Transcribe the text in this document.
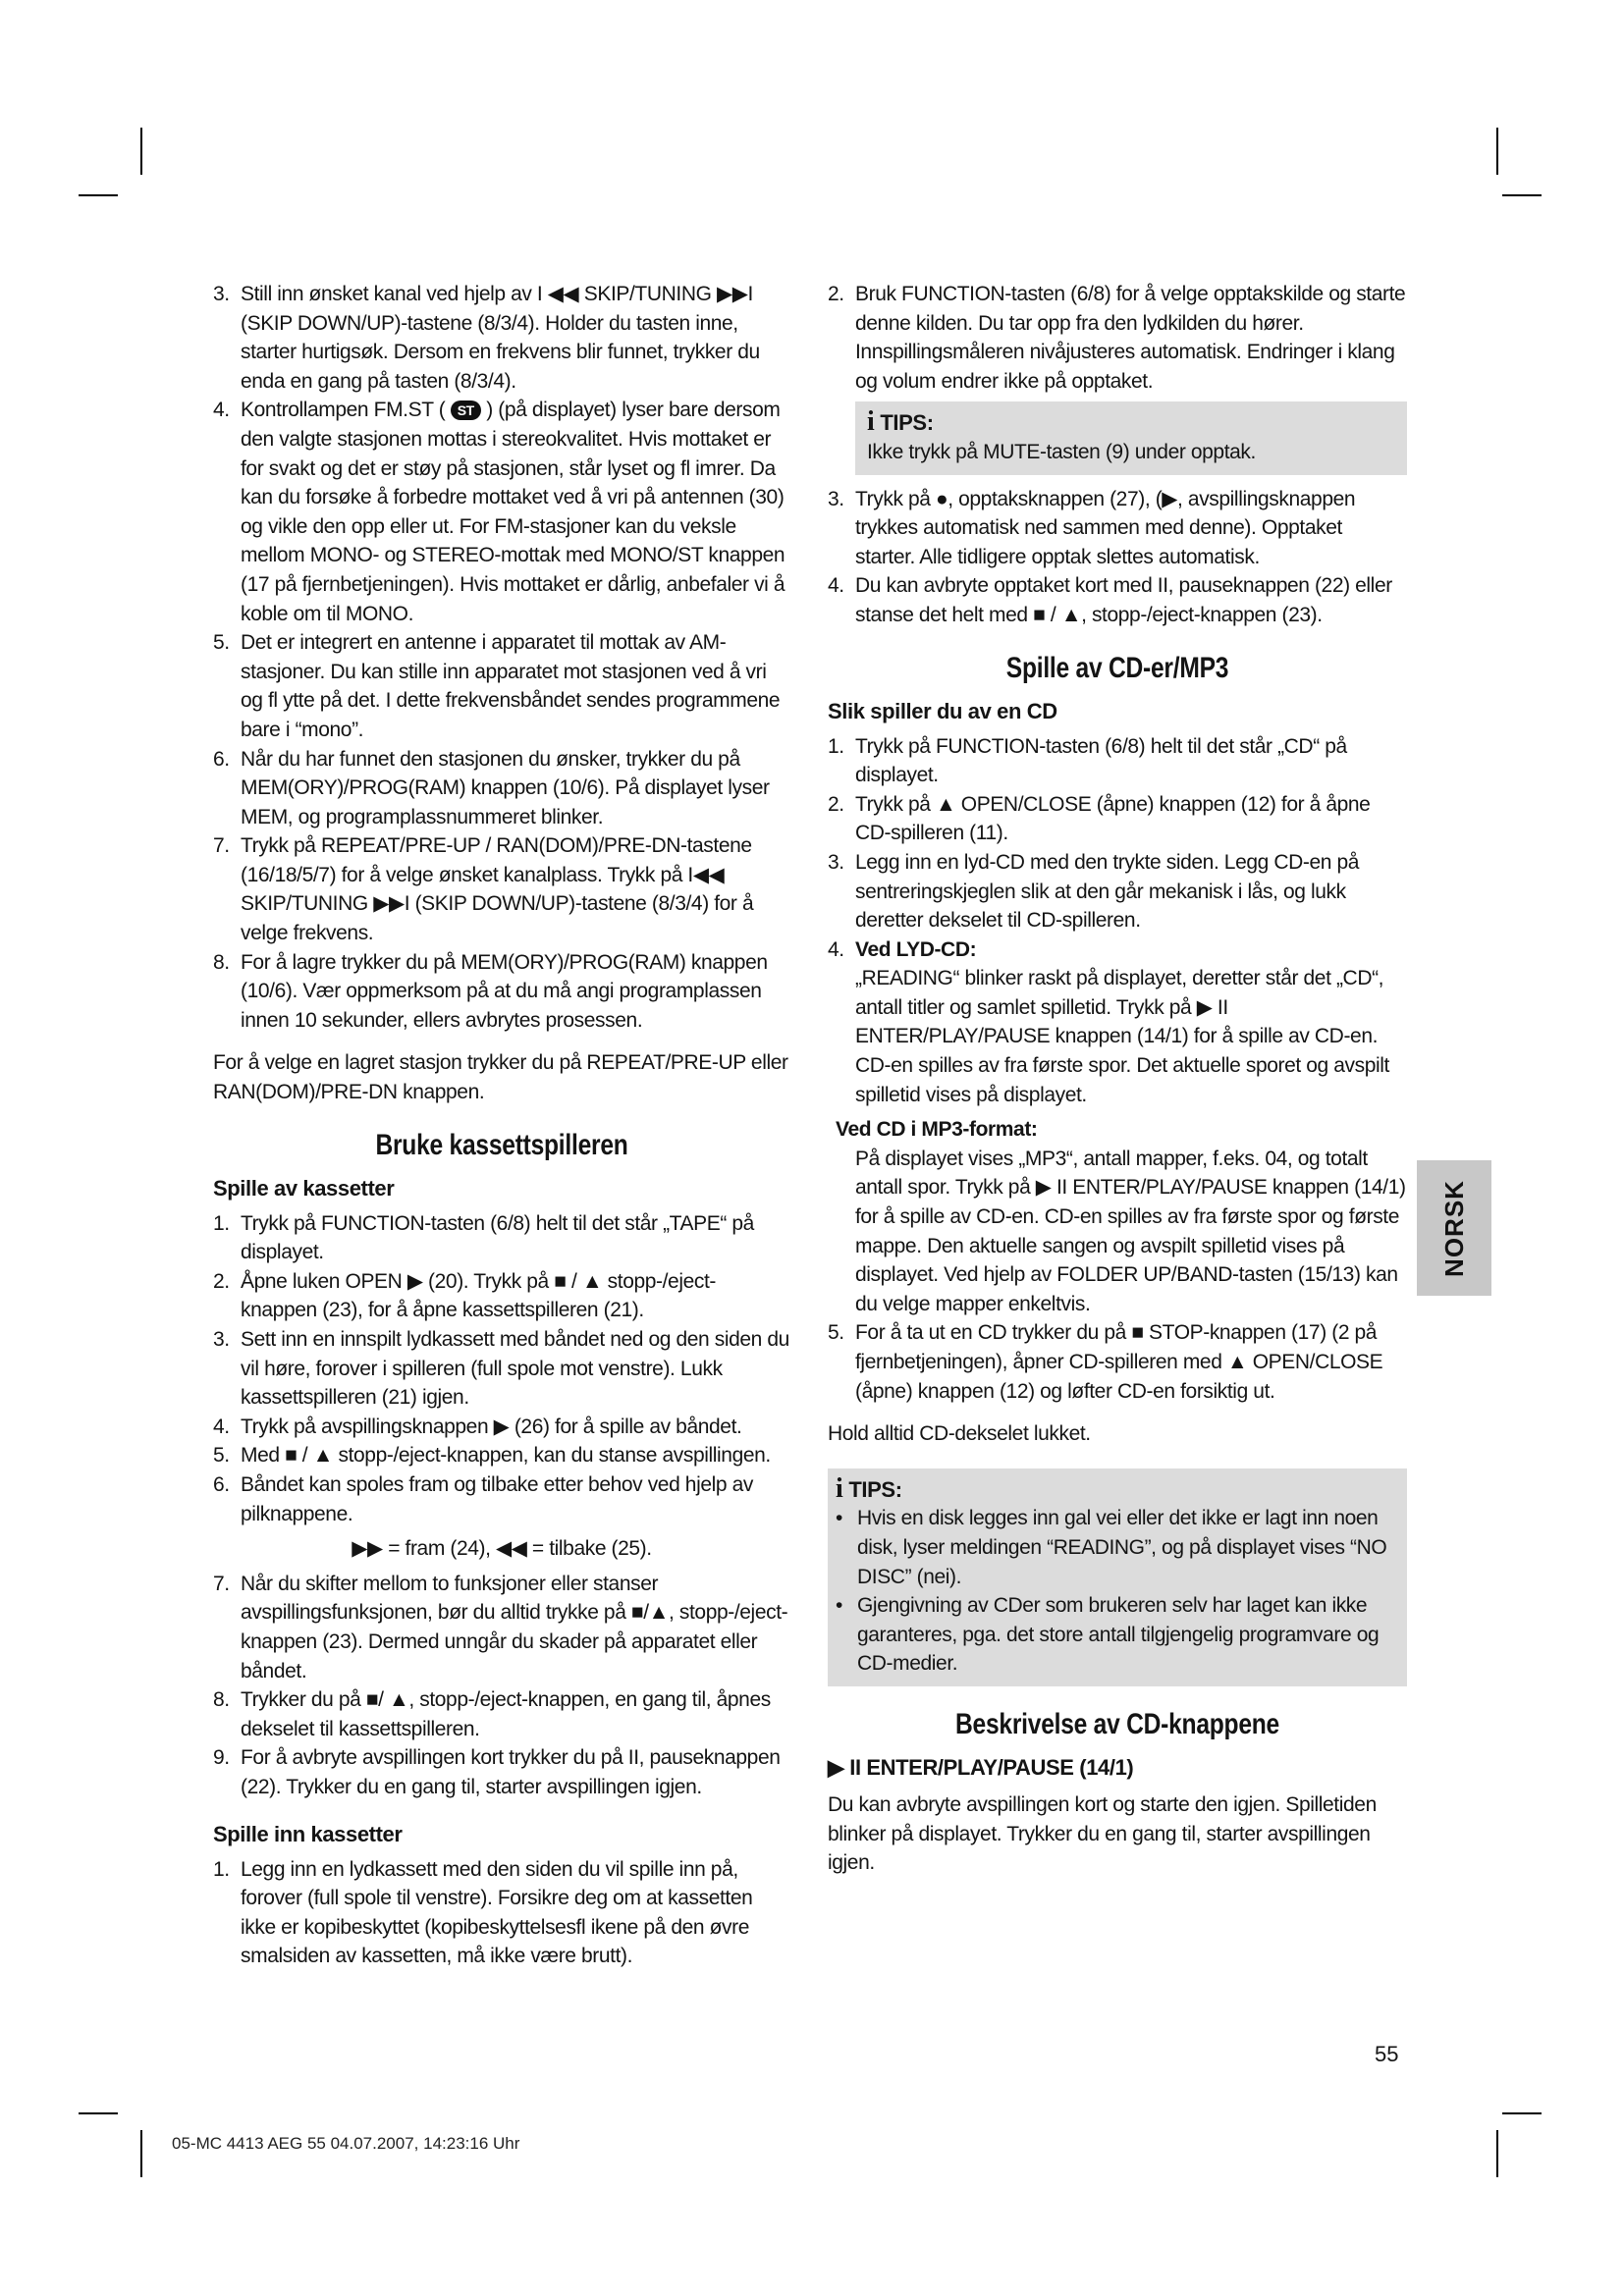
3. Still inn ønsket kanal ved hjelp av I ◀◀ SKIP/TUNING ▶▶I (SKIP DOWN/UP)-tastene (8/3/4). Holder du tasten inne, starter hurtigsøk. Dersom en frekvens blir funnet, trykker du enda en gang på tasten (8/3/4).
4. Kontrollampen FM.ST ( ST ) (på displayet) lyser bare dersom den valgte stasjonen mottas i stereokvalitet. Hvis mottaket er for svakt og det er støy på stasjonen, står lyset og fl imrer. Da kan du forsøke å forbedre mottaket ved å vri på antennen (30) og vikle den opp eller ut. For FM-stasjoner kan du veksle mellom MONO- og STEREO-mottak med MONO/ST knappen (17 på fjernbetjeningen). Hvis mottaket er dårlig, anbefaler vi å koble om til MONO.
5. Det er integrert en antenne i apparatet til mottak av AM-stasjoner. Du kan stille inn apparatet mot stasjonen ved å vri og fl ytte på det. I dette frekvensbåndet sendes programmene bare i “mono”.
6. Når du har funnet den stasjonen du ønsker, trykker du på MEM(ORY)/PROG(RAM) knappen (10/6). På displayet lyser MEM, og programplassnummeret blinker.
7. Trykk på REPEAT/PRE-UP / RAN(DOM)/PRE-DN-tastene (16/18/5/7) for å velge ønsket kanalplass. Trykk på I◀◀ SKIP/TUNING ▶▶I (SKIP DOWN/UP)-tastene (8/3/4) for å velge frekvens.
8. For å lagre trykker du på MEM(ORY)/PROG(RAM) knappen (10/6). Vær oppmerksom på at du må angi programplassen innen 10 sekunder, ellers avbrytes prosessen.

For å velge en lagret stasjon trykker du på REPEAT/PRE-UP eller RAN(DOM)/PRE-DN knappen.

Bruke kassettspilleren
Spille av kassetter
1. Trykk på FUNCTION-tasten (6/8) helt til det står „TAPE“ på displayet.
2. Åpne luken OPEN ▶ (20). Trykk på ■ / ▲ stopp-/eject-knappen (23), for å åpne kassettspilleren (21).
3. Sett inn en innspilt lydkassett med båndet ned og den siden du vil høre, forover i spilleren (full spole mot venstre). Lukk kassettspilleren (21) igjen.
4. Trykk på avspillingsknappen ▶ (26) for å spille av båndet.
5. Med ■ / ▲ stopp-/eject-knappen, kan du stanse avspillingen.
6. Båndet kan spoles fram og tilbake etter behov ved hjelp av pilknappene.
▶▶ = fram (24), ◀◀ = tilbake (25).
7. Når du skifter mellom to funksjoner eller stanser avspillingsfunksjonen, bør du alltid trykke på ■/▲, stopp-/eject-knappen (23). Dermed unngår du skader på apparatet eller båndet.
8. Trykker du på ■/ ▲, stopp-/eject-knappen, en gang til, åpnes dekselet til kassettspilleren.
9. For å avbryte avspillingen kort trykker du på II, pauseknappen (22). Trykker du en gang til, starter avspillingen igjen.
Spille inn kassetter
1. Legg inn en lydkassett med den siden du vil spille inn på, forover (full spole til venstre). Forsikre deg om at kassetten ikke er kopibeskyttet (kopibeskyttelsesfl ikene på den øvre smalsiden av kassetten, må ikke være brutt).
2. Bruk FUNCTION-tasten (6/8) for å velge opptakskilde og starte denne kilden. Du tar opp fra den lydkilden du hører. Innspillingsmåleren nivåjusteres automatisk. Endringer i klang og volum endrer ikke på opptaket.
i TIPS:
Ikke trykk på MUTE-tasten (9) under opptak.
3. Trykk på ●, opptaksknappen (27), (▶, avspillingsknappen trykkes automatisk ned sammen med denne). Opptaket starter. Alle tidligere opptak slettes automatisk.
4. Du kan avbryte opptaket kort med II, pauseknappen (22) eller stanse det helt med ■ / ▲, stopp-/eject-knappen (23).
Spille av CD-er/MP3
Slik spiller du av en CD
1. Trykk på FUNCTION-tasten (6/8) helt til det står „CD“ på displayet.
2. Trykk på ▲ OPEN/CLOSE (åpne) knappen (12) for å åpne CD-spilleren (11).
3. Legg inn en lyd-CD med den trykte siden. Legg CD-en på sentreringskjeglen slik at den går mekanisk i lås, og lukk deretter dekselet til CD-spilleren.
4. Ved LYD-CD:
„READING“ blinker raskt på displayet, deretter står det „CD“, antall titler og samlet spilletid. Trykk på ▶ II ENTER/PLAY/PAUSE knappen (14/1) for å spille av CD-en. CD-en spilles av fra første spor. Det aktuelle sporet og avspilt spilletid vises på displayet.
Ved CD i MP3-format:
På displayet vises „MP3“, antall mapper, f.eks. 04, og totalt antall spor. Trykk på ▶ II ENTER/PLAY/PAUSE knappen (14/1) for å spille av CD-en. CD-en spilles av fra første spor og første mappe. Den aktuelle sangen og avspilt spilletid vises på displayet. Ved hjelp av FOLDER UP/BAND-tasten (15/13) kan du velge mapper enkeltvis.
5. For å ta ut en CD trykker du på ■ STOP-knappen (17) (2 på fjernbetjeningen), åpner CD-spilleren med ▲ OPEN/CLOSE (åpne) knappen (12) og løfter CD-en forsiktig ut.

Hold alltid CD-dekselet lukket.

i TIPS:
• Hvis en disk legges inn gal vei eller det ikke er lagt inn noen disk, lyser meldingen “READING”, og på displayet vises “NO DISC” (nei).
• Gjengivning av CDer som brukeren selv har laget kan ikke garanteres, pga. det store antall tilgjengelig programvare og CD-medier.
Beskrivelse av CD-knappene
▶ II ENTER/PLAY/PAUSE (14/1)

Du kan avbryte avspillingen kort og starte den igjen. Spilletiden blinker på displayet. Trykker du en gang til, starter avspillingen igjen.

NORSK
55
05-MC 4413 AEG 55 04.07.2007, 14:23:16 Uhr
